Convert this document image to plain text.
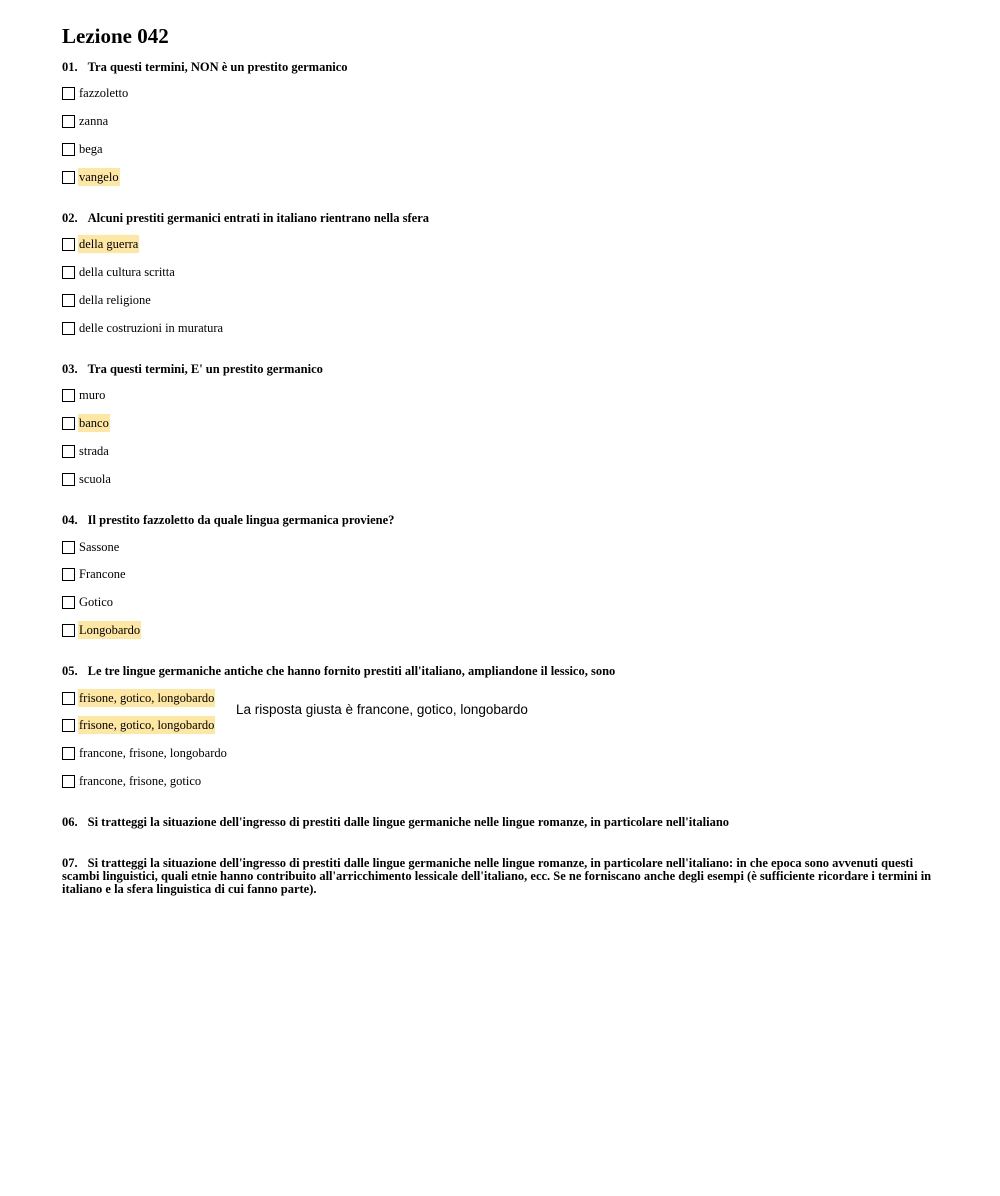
Lezione 042
01. Tra questi termini, NON è un prestito germanico
fazzoletto
zanna
bega
vangelo
02. Alcuni prestiti germanici entrati in italiano rientrano nella sfera
della guerra
della cultura scritta
della religione
delle costruzioni in muratura
03. Tra questi termini, E' un prestito germanico
muro
banco
strada
scuola
04. Il prestito fazzoletto da quale lingua germanica proviene?
Sassone
Francone
Gotico
Longobardo
05. Le tre lingue germaniche antiche che hanno fornito prestiti all'italiano, ampliandone il lessico, sono
frisone, gotico, longobardo
frisone, gotico, longobardo
francone, frisone, longobardo
francone, frisone, gotico
La risposta giusta è francone, gotico, longobardo
06. Si tratteggi la situazione dell'ingresso di prestiti dalle lingue germaniche nelle lingue romanze, in particolare nell'italiano
07. Si tratteggi la situazione dell'ingresso di prestiti dalle lingue germaniche nelle lingue romanze, in particolare nell'italiano: in che epoca sono avvenuti questi scambi linguistici, quali etnie hanno contribuito all'arricchimento lessicale dell'italiano, ecc. Se ne forniscano anche degli esempi (è sufficiente ricordare i termini in italiano e la sfera linguistica di cui fanno parte).
